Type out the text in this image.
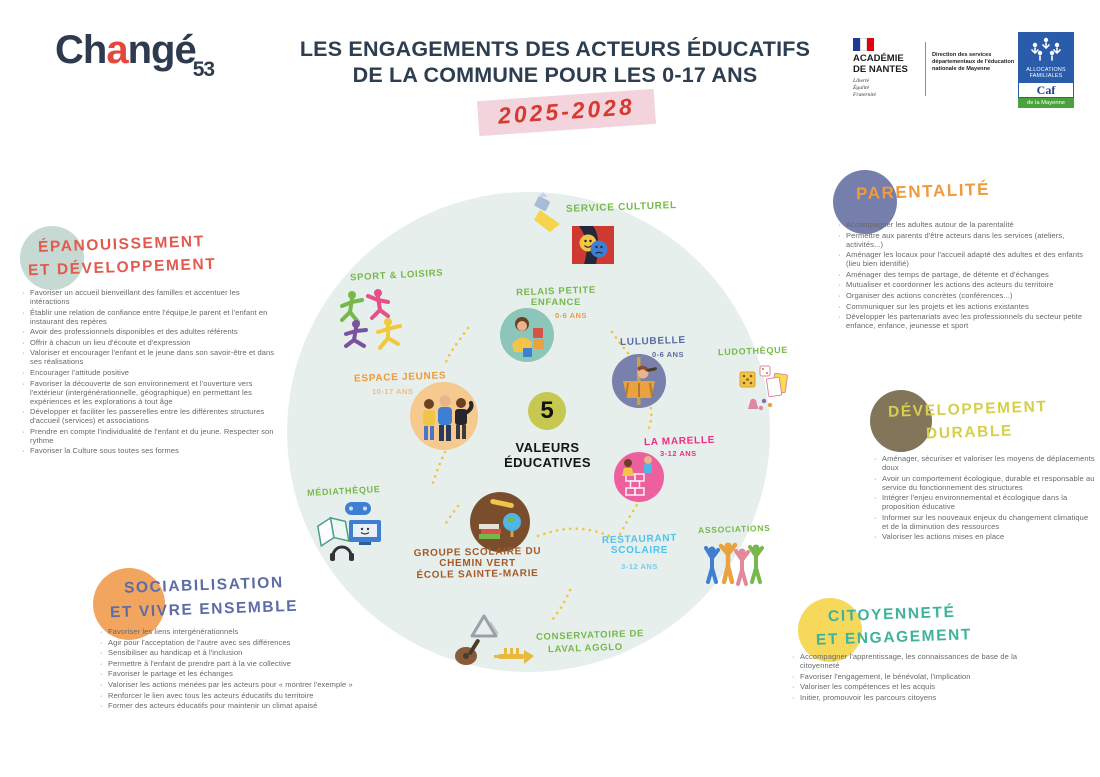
Changé$_{53}$
LES ENGAGEMENTS DES ACTEURS ÉDUCATIFS
DE LA COMMUNE POUR LES 0-17 ANS
2025-2028
ACADÉMIE
DE NANTES
Liberté
Égalité
Fraternité
Direction des services départementaux de l'éducation nationale de Mayenne	ALLOCATIONS
FAMILIALES
Caf
de la Mayenne
SERVICE CULTUREL
SPORT & LOISIRS
RELAIS PETITE
ENFANCE
0-6 ANS
LULUBELLE
0-6 ANS	LUDOTHÈQUE
ESPACE JEUNES
10-17 ANS
5
VALEURS
ÉDUCATIVES
LA MARELLE
3-12 ANS
MÉDIATHÈQUE
GROUPE SCOLAIRE DU
CHEMIN VERT
ÉCOLE SAINTE-MARIE
RESTAURANT
SCOLAIRE
3-12 ANS
ASSOCIATIONS
CONSERVATOIRE DE
LAVAL AGGLO
ÉPANOUISSEMENT
ET DÉVELOPPEMENT
· Favoriser un accueil bienveillant des familles et accentuer les intéractions
· Établir une relation de confiance entre l'équipe,le parent et l'enfant en instaurant des repères
· Avoir des professionnels disponibles et des adultes référents
· Offrir à chacun un lieu d'écoute et d'expression
· Valoriser et encourager l'enfant et le jeune dans son savoir-être et dans ses réalisations
· Encourager l'attitude positive
· Favoriser la découverte de son environnement et l'ouverture vers l'extérieur (intergénérationnelle, géographique) en permettant les expériences et les explorations à tout âge
· Développer et faciliter les passerelles entre les différentes structures d'accueil (services) et associations
· Prendre en compte l'individualité de l'enfant et du jeune. Respecter son rythme
· Favoriser la Culture sous toutes ses formes
SOCIABILISATION
ET VIVRE ENSEMBLE
· Favoriser les liens intergénérationnels
· Agir pour l'acceptation de l'autre avec ses différences
· Sensibiliser au handicap et à l'inclusion
· Permettre à l'enfant de prendre part à la vie collective
· Favoriser le partage et les échanges
· Valoriser les actions menées par les acteurs pour « montrer l'exemple »
· Renforcer le lien avec tous les acteurs éducatifs du territoire
· Former des acteurs éducatifs pour maintenir un climat apaisé
PARENTALITÉ
· Accompagner les adultes autour de la parentalité
· Permettre aux parents d'être acteurs dans les services (ateliers, activités...)
· Aménager les locaux pour l'accueil adapté des adultes et des enfants (lieu bien identifié)
· Aménager des temps de partage, de détente et d'échanges
· Mutualiser et coordonner les actions des acteurs du territoire
· Organiser des actions concrètes (conférences...)
· Communiquer sur les projets et les actions existantes
· Développer les partenariats avec les professionnels du secteur petite enfance, enfance, jeunesse et sport
DÉVELOPPEMENT
DURABLE
· Aménager, sécuriser et valoriser les moyens de déplacements doux
· Avoir un comportement écologique, durable et responsable au service du fonctionnement des structures
· Intégrer l'enjeu environnemental et écologique dans la proposition éducative
· Informer sur les nouveaux enjeux du changement climatique et de la diminution des ressources
· Valoriser les actions mises en place
CITOYENNETÉ
ET ENGAGEMENT
· Accompagner l'apprentissage, les connaissances de base de la citoyenneté
· Favoriser l'engagement, le bénévolat, l'implication
· Valoriser les compétences et les acquis
· Initier, promouvoir les parcours citoyens
